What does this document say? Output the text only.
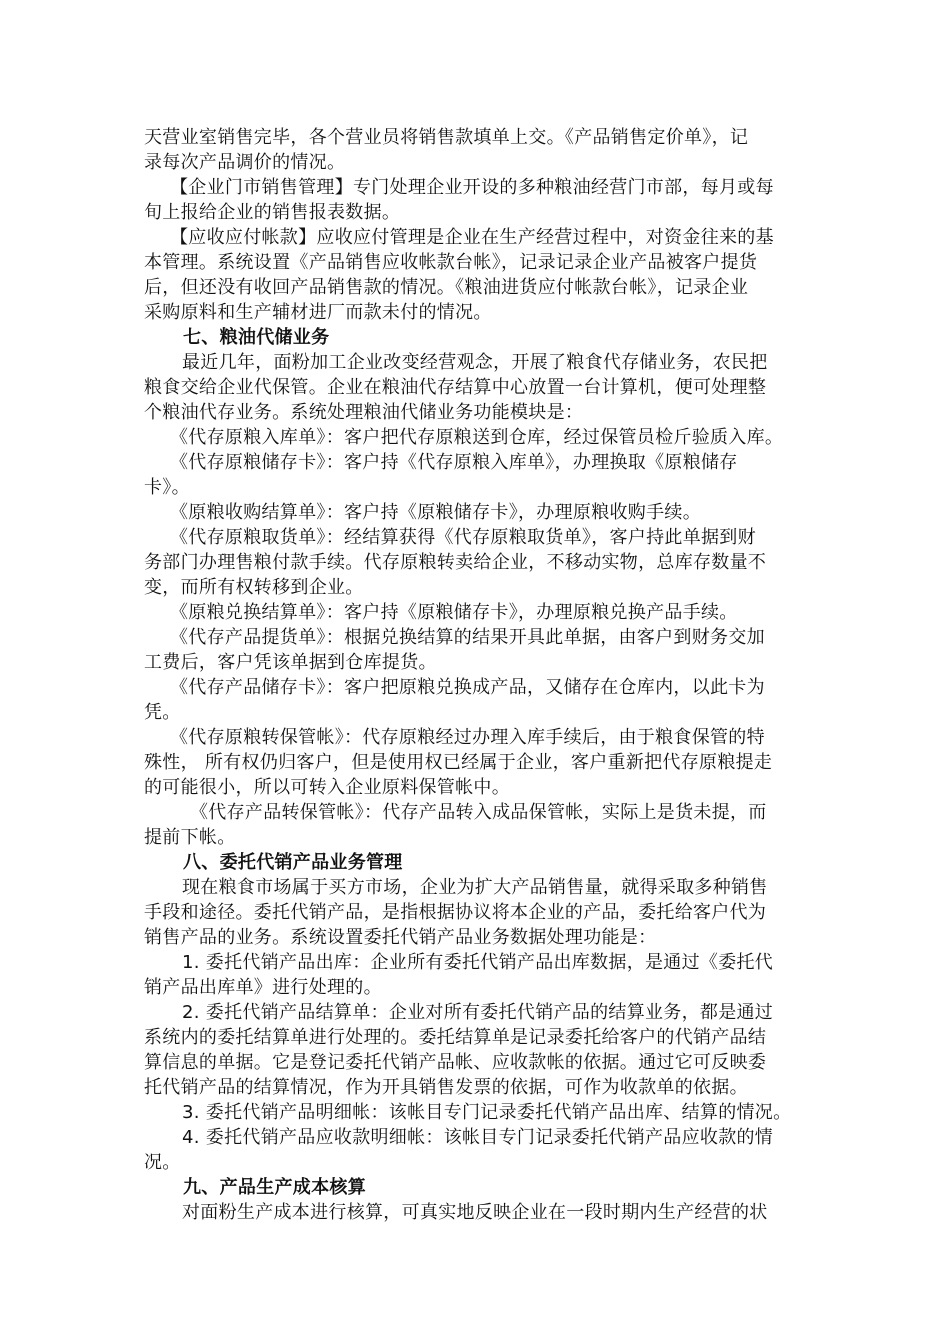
天营业室销售完毕，各个营业员将销售款填单上交。《产品销售定价单》，记
录每次产品调价的情况。
【企业门市销售管理】专门处理企业开设的多种粮油经营门市部，每月或每
旬上报给企业的销售报表数据。
【应收应付帐款】应收应付管理是企业在生产经营过程中，对资金往来的基
本管理。系统设置《产品销售应收帐款台帐》，记录记录企业产品被客户提货
后，但还没有收回产品销售款的情况。《粮油进货应付帐款台帐》，记录企业
采购原料和生产辅材进厂而款未付的情况。
七、粮油代储业务
最近几年，面粉加工企业改变经营观念，开展了粮食代存储业务，农民把
粮食交给企业代保管。企业在粮油代存结算中心放置一台计算机，便可处理整
个粮油代存业务。系统处理粮油代储业务功能模块是：
《代存原粮入库单》：客户把代存原粮送到仓库，经过保管员检斤验质入库。
《代存原粮储存卡》：客户持《代存原粮入库单》，办理换取《原粮储存
卡》。
《原粮收购结算单》：客户持《原粮储存卡》，办理原粮收购手续。
《代存原粮取货单》：经结算获得《代存原粮取货单》，客户持此单据到财
务部门办理售粮付款手续。代存原粮转卖给企业，不移动实物，总库存数量不
变，而所有权转移到企业。
《原粮兑换结算单》：客户持《原粮储存卡》，办理原粮兑换产品手续。
《代存产品提货单》：根据兑换结算的结果开具此单据，由客户到财务交加
工费后，客户凭该单据到仓库提货。
《代存产品储存卡》：客户把原粮兑换成产品，又储存在仓库内，以此卡为
凭。
《代存原粮转保管帐》：代存原粮经过办理入库手续后，由于粮食保管的特
殊性， 所有权仍归客户，但是使用权已经属于企业，客户重新把代存原粮提走
的可能很小，所以可转入企业原料保管帐中。
《代存产品转保管帐》：代存产品转入成品保管帐，实际上是货未提，而
提前下帐。
八、委托代销产品业务管理
现在粮食市场属于买方市场，企业为扩大产品销售量，就得采取多种销售
手段和途径。委托代销产品，是指根据协议将本企业的产品，委托给客户代为
销售产品的业务。系统设置委托代销产品业务数据处理功能是：
1. 委托代销产品出库：企业所有委托代销产品出库数据，是通过《委托代
销产品出库单》进行处理的。
2. 委托代销产品结算单：企业对所有委托代销产品的结算业务，都是通过
系统内的委托结算单进行处理的。委托结算单是记录委托给客户的代销产品结
算信息的单据。它是登记委托代销产品帐、应收款帐的依据。通过它可反映委
托代销产品的结算情况，作为开具销售发票的依据，可作为收款单的依据。
3. 委托代销产品明细帐：该帐目专门记录委托代销产品出库、结算的情况。
4. 委托代销产品应收款明细帐：该帐目专门记录委托代销产品应收款的情
况。
九、产品生产成本核算
对面粉生产成本进行核算，可真实地反映企业在一段时期内生产经营的状
